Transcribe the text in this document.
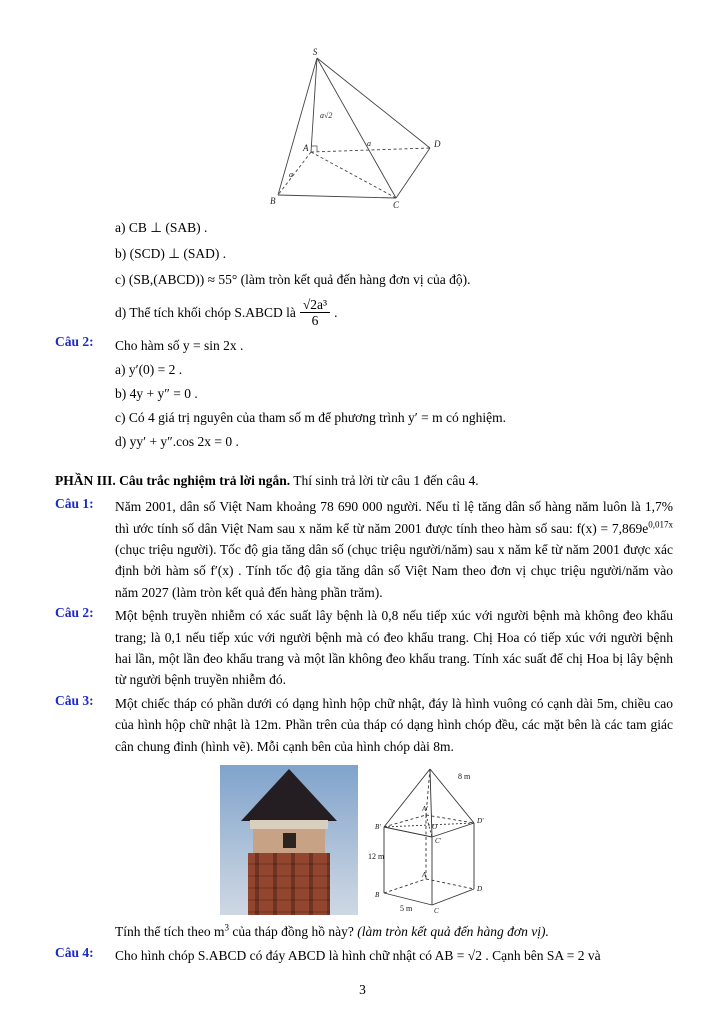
S
A
B	C
D
a√2
a
a
a) CB ⊥ (SAB) .
b) (SCD) ⊥ (SAD) .
c) (SB,(ABCD)) ≈ 55° (làm tròn kết quả đến hàng đơn vị của độ).
d) Thể tích khối chóp S.ABCD là $\frac{\text{√2a³}}{6}$ .
Câu 2:	Cho hàm số y = sin 2x .
a) y′(0) = 2 .
b) 4y + y″ = 0 .
c) Có 4 giá trị nguyên của tham số m để phương trình y′ = m có nghiệm.
d) yy′ + y″.cos 2x = 0 .
PHẦN III. Câu trắc nghiệm trả lời ngắn. Thí sinh trả lời từ câu 1 đến câu 4.
Câu 1:	Năm 2001, dân số Việt Nam khoảng 78 690 000 người. Nếu tỉ lệ tăng dân số hàng năm luôn là 1,7% thì ước tính số dân Việt Nam sau x năm kể từ năm 2001 được tính theo hàm số sau: $f(x) = 7,869e^{0,017x}$ (chục triệu người). Tốc độ gia tăng dân số (chục triệu người/năm) sau x năm kể từ năm 2001 được xác định bởi hàm số f′(x) . Tính tốc độ gia tăng dân số Việt Nam theo đơn vị chục triệu người/năm vào năm 2027 (làm tròn kết quả đến hàng phần trăm).
Câu 2:	Một bệnh truyền nhiễm có xác suất lây bệnh là 0,8 nếu tiếp xúc với người bệnh mà không đeo khẩu trang; là 0,1 nếu tiếp xúc với người bệnh mà có đeo khẩu trang. Chị Hoa có tiếp xúc với người bệnh hai lần, một lần đeo khẩu trang và một lần không đeo khẩu trang. Tính xác suất để chị Hoa bị lây bệnh từ người bệnh truyền nhiễm đó.
Câu 3:	Một chiếc tháp có phần dưới có dạng hình hộp chữ nhật, đáy là hình vuông có cạnh dài 5m, chiều cao của hình hộp chữ nhật là 12m. Phần trên của tháp có dạng hình chóp đều, các mặt bên là các tam giác cân chung đỉnh (hình vẽ). Mỗi cạnh bên của hình chóp dài 8m.
8 m
12 m
5 m
O
B′
A′
D′
C′
B
A
D
C
Tính thể tích theo $m^3$ của tháp đồng hồ này? (làm tròn kết quả đến hàng đơn vị).
Câu 4:	Cho hình chóp S.ABCD có đáy ABCD là hình chữ nhật có AB = √2 . Cạnh bên SA = 2 và
3
